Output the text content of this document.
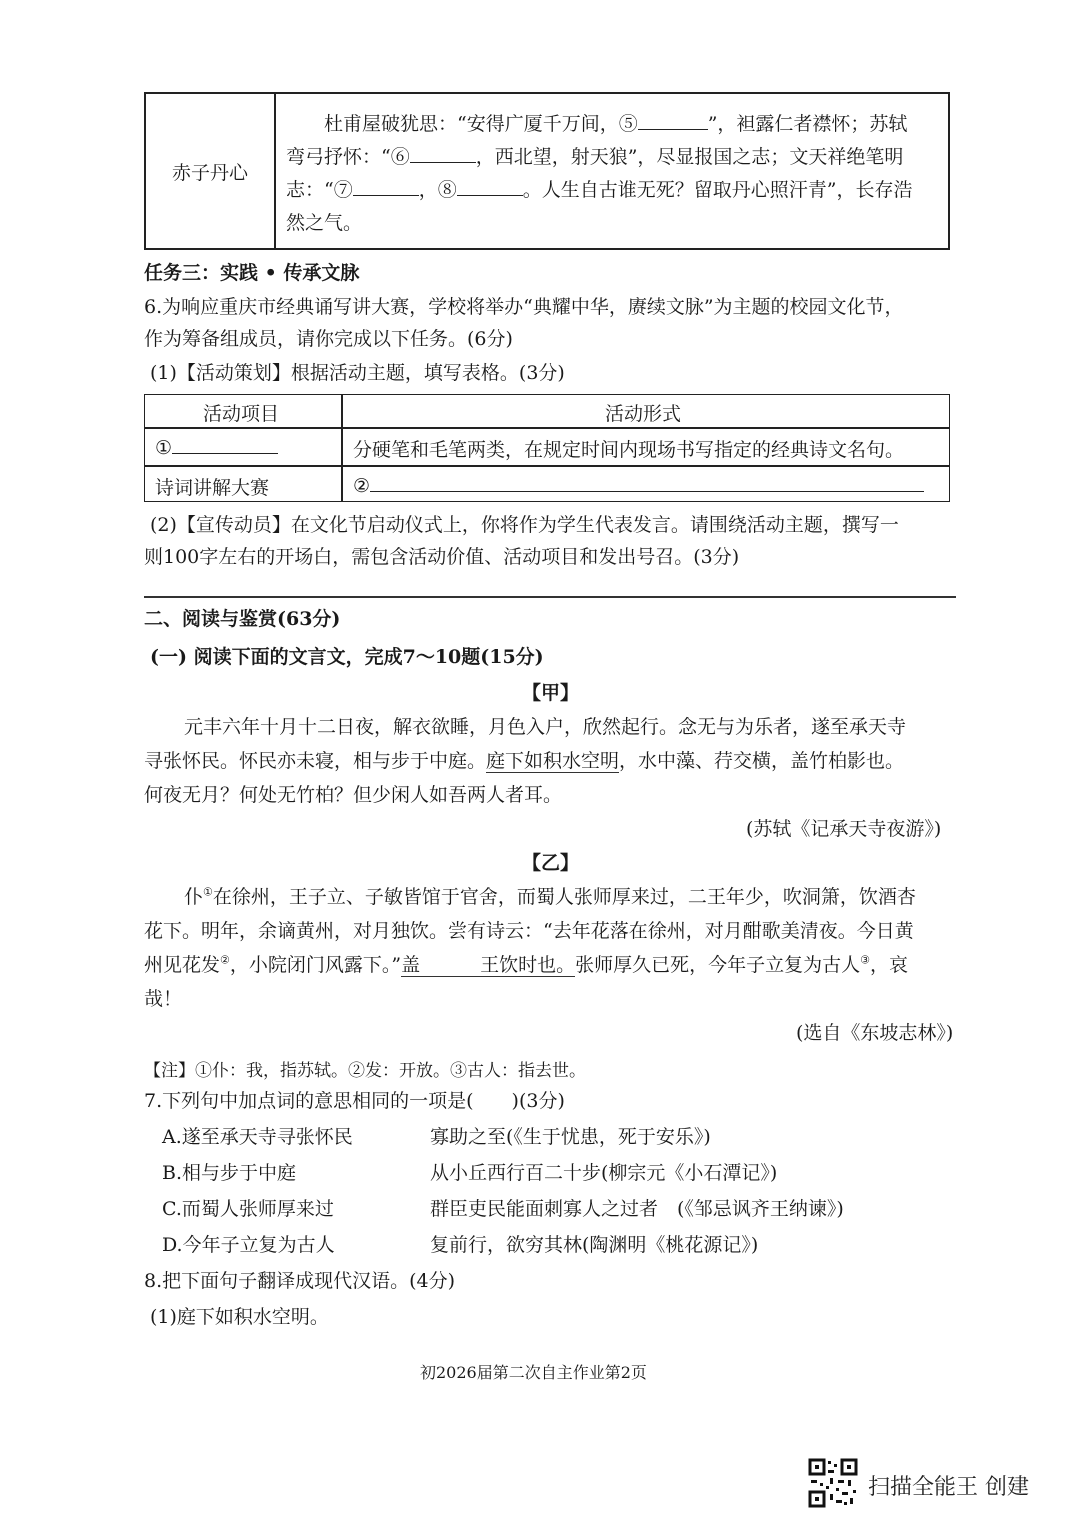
赤子丹心
杜甫屋破犹思：“安得广厦千万间，⑤	”，袒露仁者襟怀；苏轼
弯弓抒怀：“⑥	，西北望，射天狼”，尽显报国之志；文天祥绝笔明
志：“⑦	，⑧	。人生自古谁无死？留取丹心照汗青”，长存浩
然之气。
任务三：实践 • 传承文脉
6.为响应重庆市经典诵写讲大赛，学校将举办“典耀中华，赓续文脉”为主题的校园文化节，
作为筹备组成员，请你完成以下任务。(6分)
(1)【活动策划】根据活动主题，填写表格。(3分)
活动项目	活动形式
①	分硬笔和毛笔两类，在规定时间内现场书写指定的经典诗文名句。
诗词讲解大赛	②
(2)【宣传动员】在文化节启动仪式上，你将作为学生代表发言。请围绕活动主题，撰写一
则100字左右的开场白，需包含活动价值、活动项目和发出号召。(3分)
二、阅读与鉴赏(63分)
(一) 阅读下面的文言文，完成7～10题(15分)
【甲】
元丰六年十月十二日夜，解衣欲睡，月色入户，欣然起行。念无与为乐者，遂至承天寺
寻张怀民。怀民亦未寝，相与步于中庭。庭下如积水空明，水中藻、荇交横，盖竹柏影也。
何夜无月？何处无竹柏？但少闲人如吾两人者耳。
(苏轼《记承天寺夜游》)
【乙】
仆①在徐州，王子立、子敏皆馆于官舍，而蜀人张师厚来过，二王年少，吹洞箫，饮酒杏
花下。明年，余谪黄州，对月独饮。尝有诗云：“去年花落在徐州，对月酣歌美清夜。今日黄
州见花发②，小院闭门风露下。”盖	王饮时也。张师厚久已死，今年子立复为古人③，哀
哉！
(选自《东坡志林》)
【注】①仆：我，指苏轼。②发：开放。③古人：指去世。
7.下列句中加点词的意思相同的一项是(　　)(3分)
A.遂至承天寺寻张怀民	寡助之至(《生于忧患，死于安乐》)
B.相与步于中庭	从小丘西行百二十步(柳宗元《小石潭记》)
C.而蜀人张师厚来过	群臣吏民能面刺寡人之过者　(《邹忌讽齐王纳谏》)
D.今年子立复为古人	复前行，欲穷其林(陶渊明《桃花源记》)
8.把下面句子翻译成现代汉语。(4分)
(1)庭下如积水空明。
初2026届第二次自主作业第2页
扫描全能王 创建
